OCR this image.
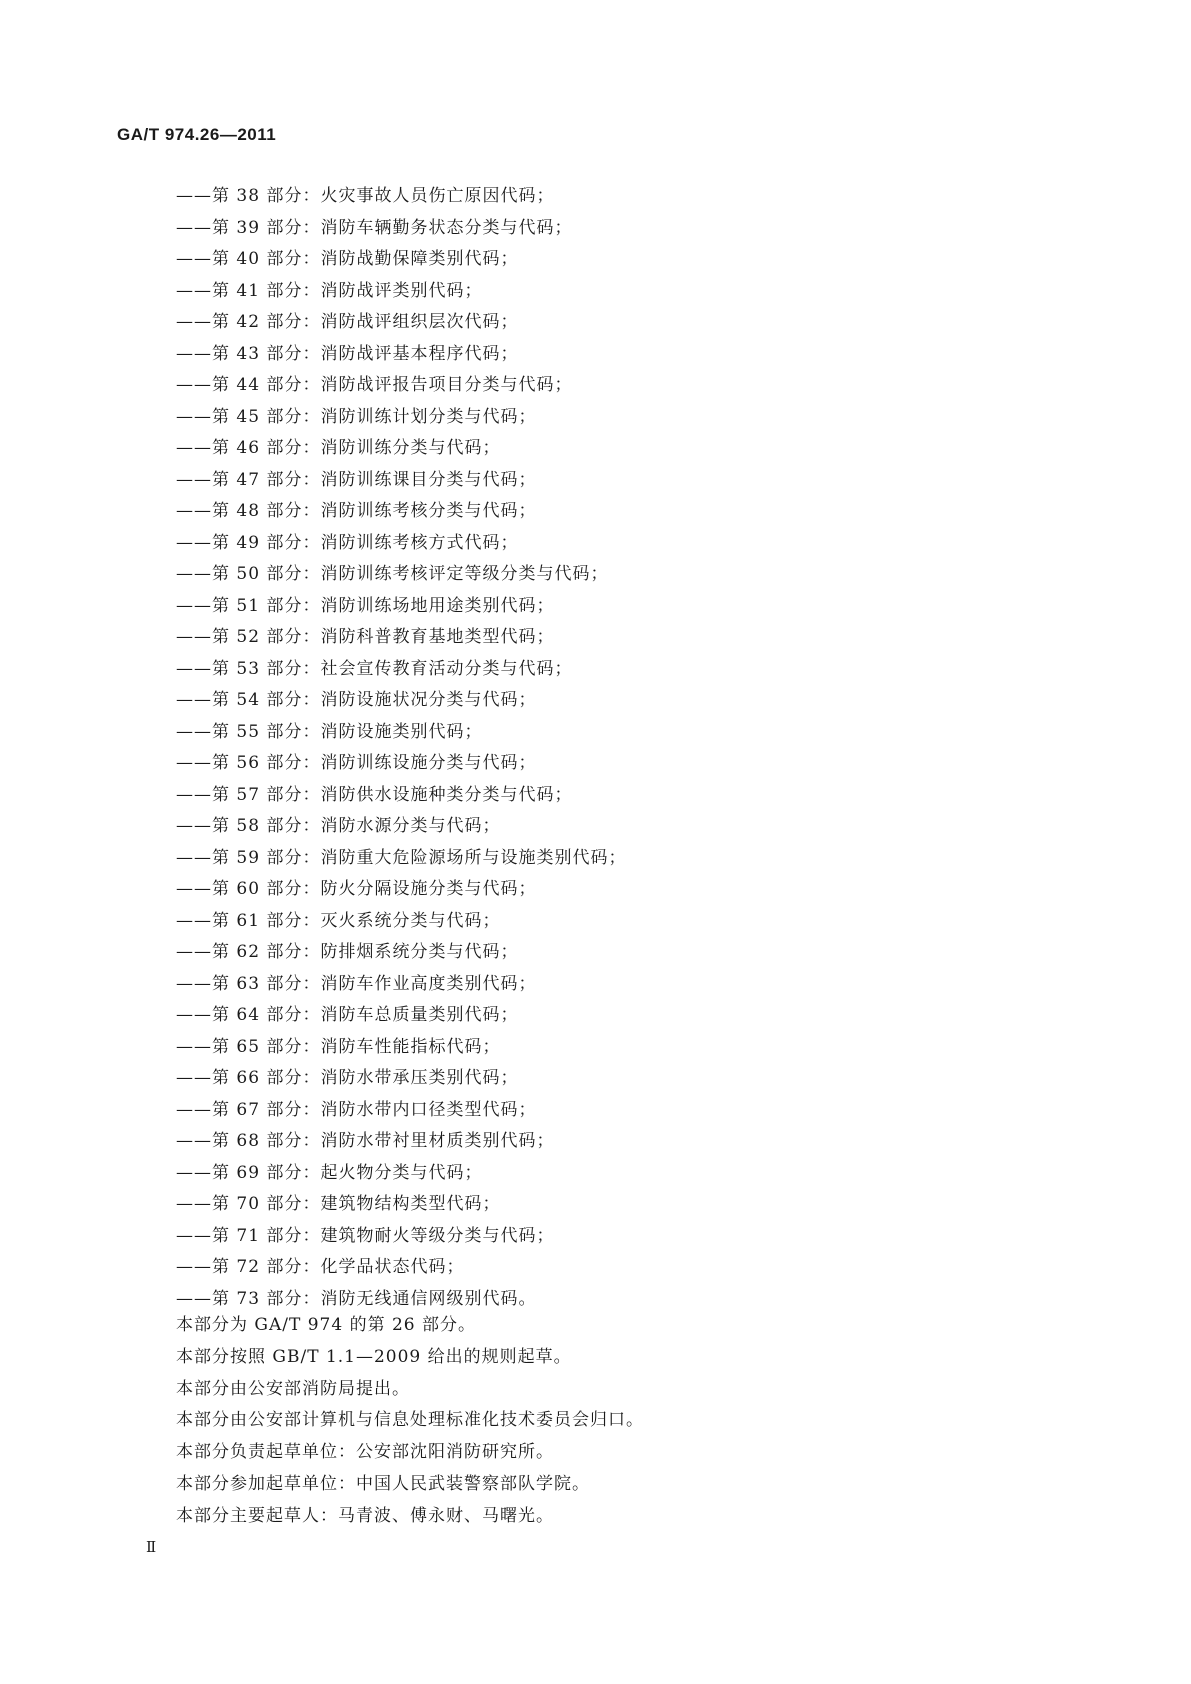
GA/T 974.26—2011
——第 38 部分：火灾事故人员伤亡原因代码；
——第 39 部分：消防车辆勤务状态分类与代码；
——第 40 部分：消防战勤保障类别代码；
——第 41 部分：消防战评类别代码；
——第 42 部分：消防战评组织层次代码；
——第 43 部分：消防战评基本程序代码；
——第 44 部分：消防战评报告项目分类与代码；
——第 45 部分：消防训练计划分类与代码；
——第 46 部分：消防训练分类与代码；
——第 47 部分：消防训练课目分类与代码；
——第 48 部分：消防训练考核分类与代码；
——第 49 部分：消防训练考核方式代码；
——第 50 部分：消防训练考核评定等级分类与代码；
——第 51 部分：消防训练场地用途类别代码；
——第 52 部分：消防科普教育基地类型代码；
——第 53 部分：社会宣传教育活动分类与代码；
——第 54 部分：消防设施状况分类与代码；
——第 55 部分：消防设施类别代码；
——第 56 部分：消防训练设施分类与代码；
——第 57 部分：消防供水设施种类分类与代码；
——第 58 部分：消防水源分类与代码；
——第 59 部分：消防重大危险源场所与设施类别代码；
——第 60 部分：防火分隔设施分类与代码；
——第 61 部分：灭火系统分类与代码；
——第 62 部分：防排烟系统分类与代码；
——第 63 部分：消防车作业高度类别代码；
——第 64 部分：消防车总质量类别代码；
——第 65 部分：消防车性能指标代码；
——第 66 部分：消防水带承压类别代码；
——第 67 部分：消防水带内口径类型代码；
——第 68 部分：消防水带衬里材质类别代码；
——第 69 部分：起火物分类与代码；
——第 70 部分：建筑物结构类型代码；
——第 71 部分：建筑物耐火等级分类与代码；
——第 72 部分：化学品状态代码；
——第 73 部分：消防无线通信网级别代码。

本部分为 GA/T 974 的第 26 部分。

本部分按照 GB/T 1.1—2009 给出的规则起草。

本部分由公安部消防局提出。

本部分由公安部计算机与信息处理标准化技术委员会归口。

本部分负责起草单位：公安部沈阳消防研究所。

本部分参加起草单位：中国人民武装警察部队学院。

本部分主要起草人：马青波、傅永财、马曙光。

Ⅱ
